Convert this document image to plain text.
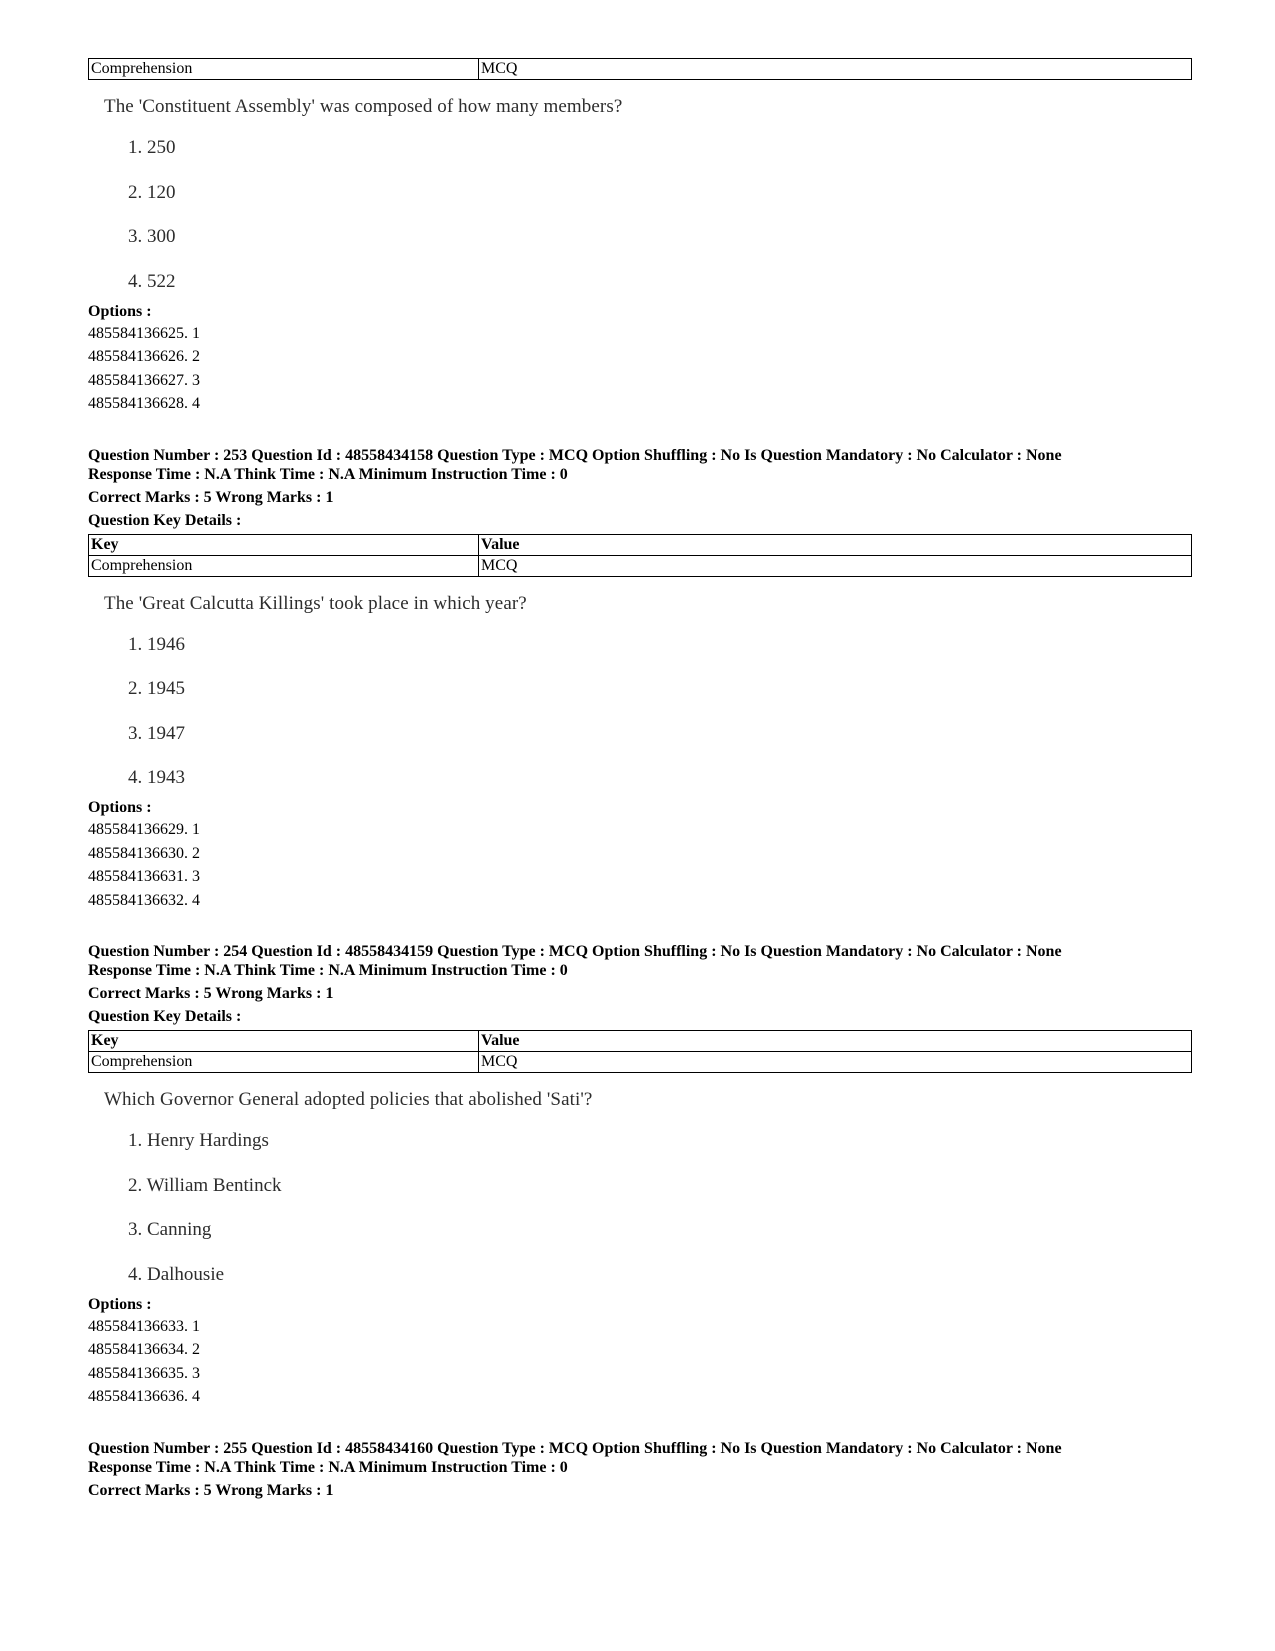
Comprehension	MCQ
The 'Constituent Assembly' was composed of how many members?
1. 250
2. 120
3. 300
4. 522
Options :
485584136625. 1
485584136626. 2
485584136627. 3
485584136628. 4
Question Number : 253 Question Id : 48558434158 Question Type : MCQ Option Shuffling : No Is Question Mandatory : No Calculator : None
Response Time : N.A Think Time : N.A Minimum Instruction Time : 0
Correct Marks : 5 Wrong Marks : 1
Question Key Details :
Key	Value
Comprehension	MCQ
The 'Great Calcutta Killings' took place in which year?
1. 1946
2. 1945
3. 1947
4. 1943
Options :
485584136629. 1
485584136630. 2
485584136631. 3
485584136632. 4
Question Number : 254 Question Id : 48558434159 Question Type : MCQ Option Shuffling : No Is Question Mandatory : No Calculator : None
Response Time : N.A Think Time : N.A Minimum Instruction Time : 0
Correct Marks : 5 Wrong Marks : 1
Question Key Details :
Key	Value
Comprehension	MCQ
Which Governor General adopted policies that abolished 'Sati'?
1. Henry Hardings
2. William Bentinck
3. Canning
4. Dalhousie
Options :
485584136633. 1
485584136634. 2
485584136635. 3
485584136636. 4
Question Number : 255 Question Id : 48558434160 Question Type : MCQ Option Shuffling : No Is Question Mandatory : No Calculator : None
Response Time : N.A Think Time : N.A Minimum Instruction Time : 0
Correct Marks : 5 Wrong Marks : 1
